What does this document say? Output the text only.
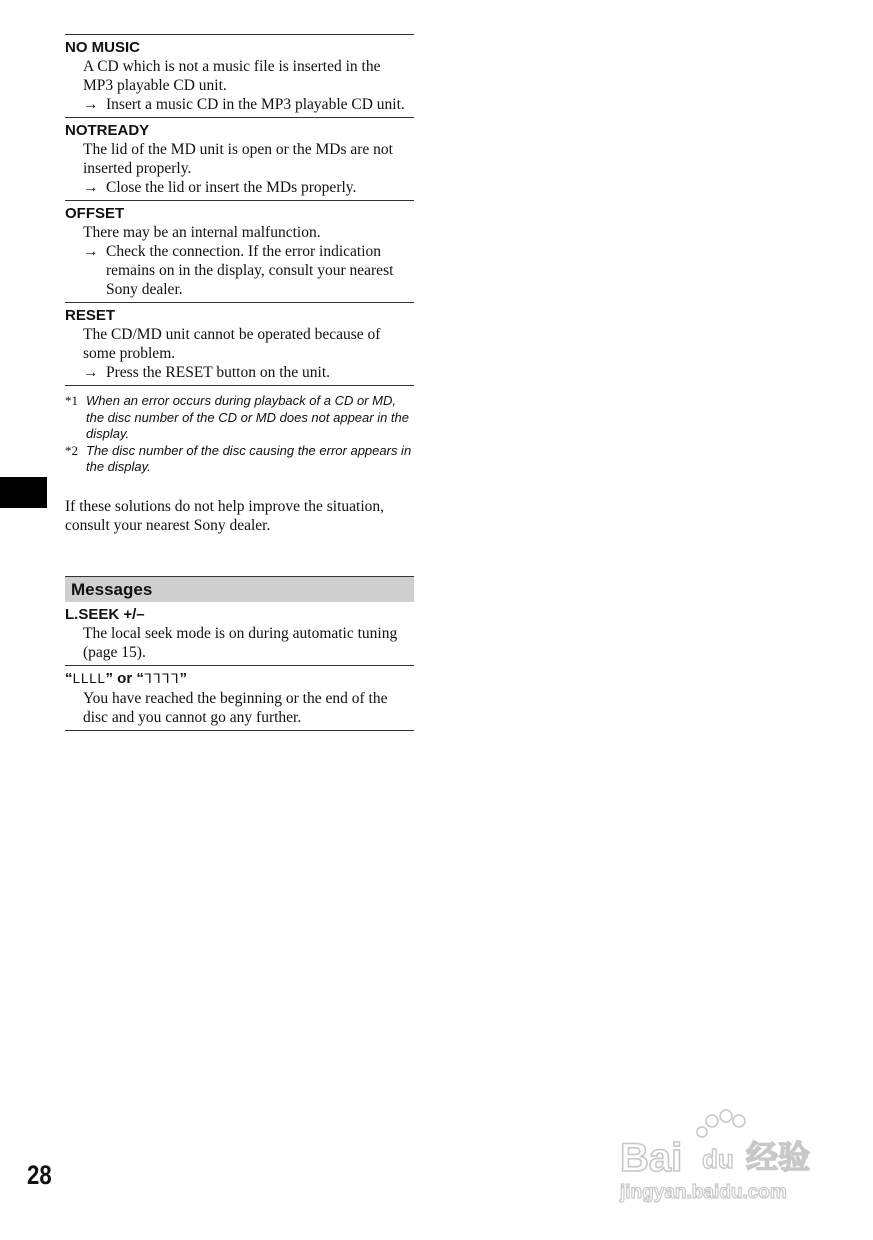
NO MUSIC
A CD which is not a music file is inserted in the MP3 playable CD unit.
→ Insert a music CD in the MP3 playable CD unit.
NOTREADY
The lid of the MD unit is open or the MDs are not inserted properly.
→ Close the lid or insert the MDs properly.
OFFSET
There may be an internal malfunction.
→ Check the connection. If the error indication remains on in the display, consult your nearest Sony dealer.
RESET
The CD/MD unit cannot be operated because of some problem.
→ Press the RESET button on the unit.
*1 When an error occurs during playback of a CD or MD, the disc number of the CD or MD does not appear in the display.
*2 The disc number of the disc causing the error appears in the display.
If these solutions do not help improve the situation, consult your nearest Sony dealer.
Messages
L.SEEK +/–
The local seek mode is on during automatic tuning (page 15).
“ᒪᒪᒪᒪ” or “ᒣᒣᒣᒣ”
You have reached the beginning or the end of the disc and you cannot go any further.
28	Bai du 经验
jingyan.baidu.com
